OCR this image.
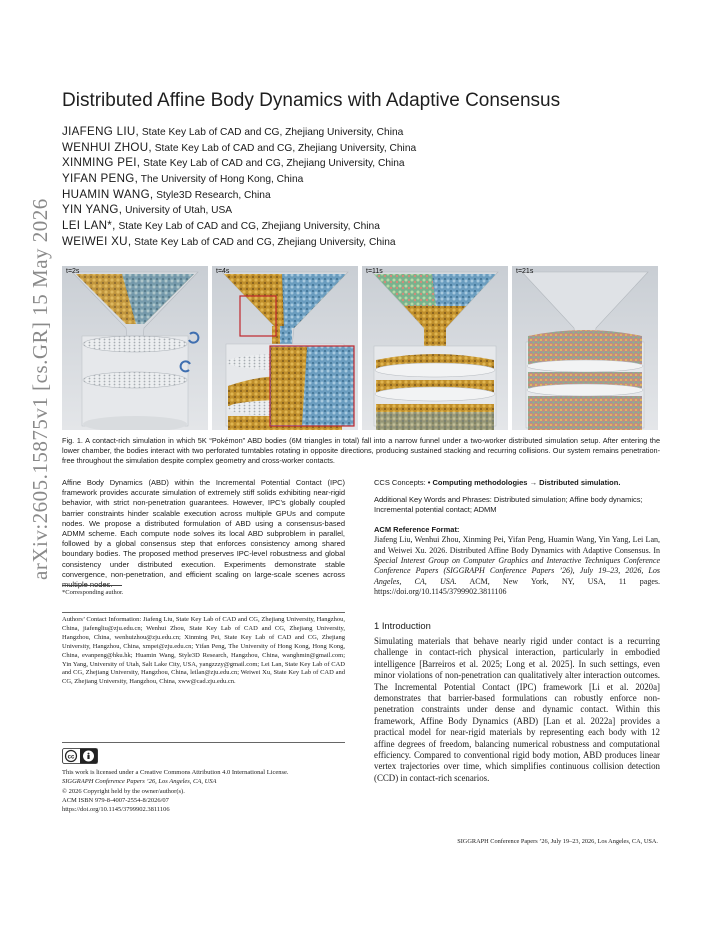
arXiv:2605.15875v1 [cs.GR] 15 May 2026
Distributed Affine Body Dynamics with Adaptive Consensus
JIAFENG LIU, State Key Lab of CAD and CG, Zhejiang University, China
WENHUI ZHOU, State Key Lab of CAD and CG, Zhejiang University, China
XINMING PEI, State Key Lab of CAD and CG, Zhejiang University, China
YIFAN PENG, The University of Hong Kong, China
HUAMIN WANG, Style3D Research, China
YIN YANG, University of Utah, USA
LEI LAN*, State Key Lab of CAD and CG, Zhejiang University, China
WEIWEI XU, State Key Lab of CAD and CG, Zhejiang University, China
t=2s	t=4s	t=11s	t=21s
Fig. 1. A contact-rich simulation in which 5K “Pokémon” ABD bodies (6M triangles in total) fall into a narrow funnel under a two-worker distributed simulation setup. After entering the lower chamber, the bodies interact with two perforated turntables rotating in opposite directions, producing sustained stacking and recurring collisions. Our system remains penetration-free throughout the simulation despite complex geometry and cross-worker contacts.
Affine Body Dynamics (ABD) within the Incremental Potential Contact (IPC) framework provides accurate simulation of extremely stiff solids exhibiting near-rigid behavior, with strict non-penetration guarantees. However, IPC’s globally coupled barrier constraints hinder scalable execution across multiple GPUs and compute nodes. We propose a distributed formulation of ABD using a consensus-based ADMM scheme. Each compute node solves its local ABD subproblem in parallel, followed by a global consensus step that enforces consistency among shared boundary bodies. The proposed method preserves IPC-level robustness and global consistency under distributed execution. Experiments demonstrate stable convergence, non-penetration, and efficient scaling on large-scale scenes across multiple nodes.
*Corresponding author.
Authors’ Contact Information: Jiafeng Liu, State Key Lab of CAD and CG, Zhejiang University, Hangzhou, China, jiafengliu@zju.edu.cn; Wenhui Zhou, State Key Lab of CAD and CG, Zhejiang University, Hangzhou, China, wenhuizhou@zju.edu.cn; Xinming Pei, State Key Lab of CAD and CG, Zhejiang University, Hangzhou, China, xmpei@zju.edu.cn; Yifan Peng, The University of Hong Kong, Hong Kong, China, evanpeng@hku.hk; Huamin Wang, Style3D Research, Hangzhou, China, wanghmin@gmail.com; Yin Yang, University of Utah, Salt Lake City, USA, yangzzzy@gmail.com; Lei Lan, State Key Lab of CAD and CG, Zhejiang University, Hangzhou, China, leilan@zju.edu.cn; Weiwei Xu, State Key Lab of CAD and CG, Zhejiang University, Hangzhou, China, xww@cad.zju.edu.cn.
cc
This work is licensed under a Creative Commons Attribution 4.0 International License.
SIGGRAPH Conference Papers ’26, Los Angeles, CA, USA
© 2026 Copyright held by the owner/author(s).
ACM ISBN 979-8-4007-2554-8/2026/07
https://doi.org/10.1145/3799902.3811106
CCS Concepts: • Computing methodologies → Distributed simulation.
Additional Key Words and Phrases: Distributed simulation; Affine body dynamics; Incremental potential contact; ADMM
ACM Reference Format:
Jiafeng Liu, Wenhui Zhou, Xinming Pei, Yifan Peng, Huamin Wang, Yin Yang, Lei Lan, and Weiwei Xu. 2026. Distributed Affine Body Dynamics with Adaptive Consensus. In Special Interest Group on Computer Graphics and Interactive Techniques Conference Conference Papers (SIGGRAPH Conference Papers ’26), July 19–23, 2026, Los Angeles, CA, USA. ACM, New York, NY, USA, 11 pages. https://doi.org/10.1145/3799902.3811106
1 Introduction
Simulating materials that behave nearly rigid under contact is a recurring challenge in contact-rich physical interaction, particularly in embodied intelligence [Barreiros et al. 2025; Long et al. 2025]. In such settings, even minor violations of non-penetration can qualitatively alter interaction outcomes. The Incremental Potential Contact (IPC) framework [Li et al. 2020a] demonstrates that barrier-based formulations can robustly enforce non-penetration constraints under dense and dynamic contact. Within this framework, Affine Body Dynamics (ABD) [Lan et al. 2022a] provides a practical model for near-rigid materials by representing each body with 12 affine degrees of freedom, balancing numerical robustness and computational efficiency. Compared to conventional rigid body motion, ABD produces linear vertex trajectories over time, which simplifies continuous collision detection (CCD) in contact-rich scenarios.
SIGGRAPH Conference Papers ’26, July 19–23, 2026, Los Angeles, CA, USA.
